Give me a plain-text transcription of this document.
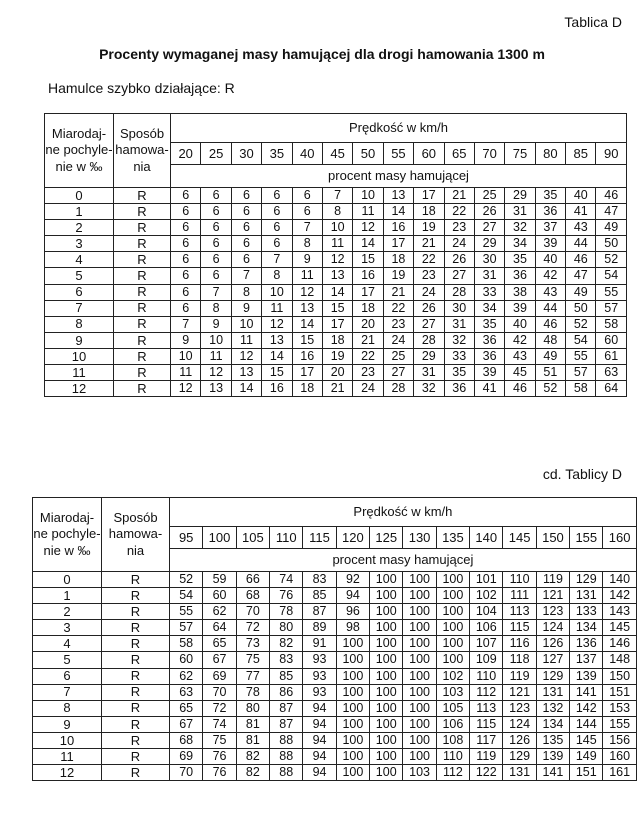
Tablica D
Procenty wymaganej masy hamującej dla drogi hamowania 1300 m
Hamulce szybko działające: R
Miarodaj-ne pochyle-nie w ‰	Sposób hamowa-nia	Prędkość w km/h														
		20	25	30	35	40	45	50	55	60	65	70	75	80	85	90
		procent masy hamującej														
0	R	6	6	6	6	6	7	10	13	17	21	25	29	35	40	46
1	R	6	6	6	6	6	8	11	14	18	22	26	31	36	41	47
2	R	6	6	6	6	7	10	12	16	19	23	27	32	37	43	49
3	R	6	6	6	6	8	11	14	17	21	24	29	34	39	44	50
4	R	6	6	6	7	9	12	15	18	22	26	30	35	40	46	52
5	R	6	6	7	8	11	13	16	19	23	27	31	36	42	47	54
6	R	6	7	8	10	12	14	17	21	24	28	33	38	43	49	55
7	R	6	8	9	11	13	15	18	22	26	30	34	39	44	50	57
8	R	7	9	10	12	14	17	20	23	27	31	35	40	46	52	58
9	R	9	10	11	13	15	18	21	24	28	32	36	42	48	54	60
10	R	10	11	12	14	16	19	22	25	29	33	36	43	49	55	61
11	R	11	12	13	15	17	20	23	27	31	35	39	45	51	57	63
12	R	12	13	14	16	18	21	24	28	32	36	41	46	52	58	64
cd. Tablicy D
Miarodaj-ne pochyle-nie w ‰	Sposób hamowa-nia	Prędkość w km/h													
		95	100	105	110	115	120	125	130	135	140	145	150	155	160
		procent masy hamującej													
0	R	52	59	66	74	83	92	100	100	100	101	110	119	129	140
1	R	54	60	68	76	85	94	100	100	100	102	111	121	131	142
2	R	55	62	70	78	87	96	100	100	100	104	113	123	133	143
3	R	57	64	72	80	89	98	100	100	100	106	115	124	134	145
4	R	58	65	73	82	91	100	100	100	100	107	116	126	136	146
5	R	60	67	75	83	93	100	100	100	100	109	118	127	137	148
6	R	62	69	77	85	93	100	100	100	102	110	119	129	139	150
7	R	63	70	78	86	93	100	100	100	103	112	121	131	141	151
8	R	65	72	80	87	94	100	100	100	105	113	123	132	142	153
9	R	67	74	81	87	94	100	100	100	106	115	124	134	144	155
10	R	68	75	81	88	94	100	100	100	108	117	126	135	145	156
11	R	69	76	82	88	94	100	100	100	110	119	129	139	149	160
12	R	70	76	82	88	94	100	100	103	112	122	131	141	151	161
